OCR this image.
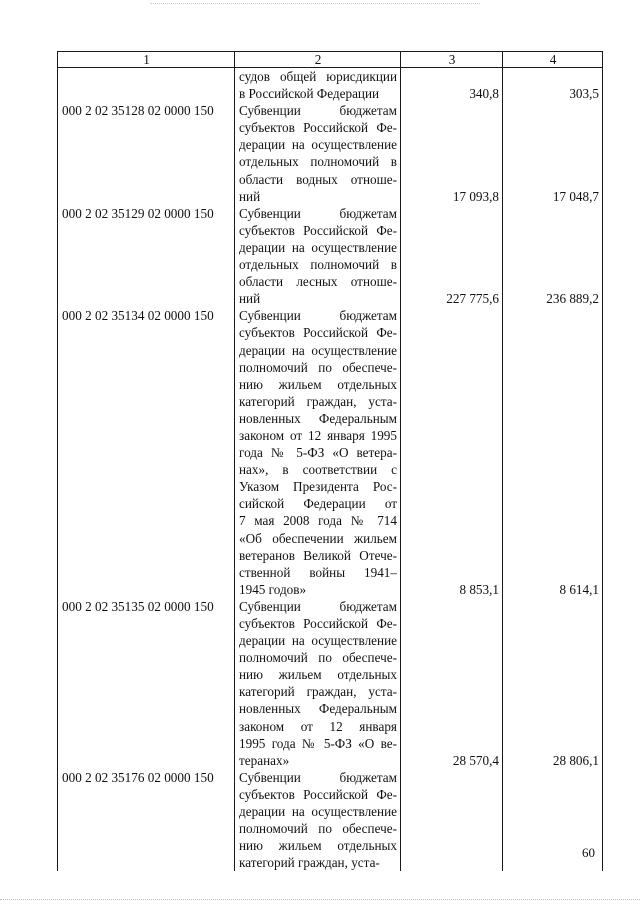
1	2	3	4

	судов общей юрисдикции		

	в Российской Федерации	340,8	303,5
000 2 02 35128 02 0000 150	Субвенции бюджетам		

	субъектов Российской Фе-		

	дерации на осуществление		

	отдельных полномочий в		

	области водных отноше-		

	ний	17 093,8	17 048,7
000 2 02 35129 02 0000 150	Субвенции бюджетам		

	субъектов Российской Фе-		

	дерации на осуществление		

	отдельных полномочий в		

	области лесных отноше-		

	ний	227 775,6	236 889,2
000 2 02 35134 02 0000 150	Субвенции бюджетам		

	субъектов Российской Фе-		

	дерации на осуществление		

	полномочий по обеспече-		

	нию жильем отдельных		

	категорий граждан, уста-		

	новленных Федеральным		

	законом от 12 января 1995		

	года № 5-ФЗ «О ветера-		

	нах», в соответствии с		

	Указом Президента Рос-		

	сийской Федерации от		

	7 мая 2008 года № 714		

	«Об обеспечении жильем		

	ветеранов Великой Отече-		

	ственной войны 1941–		

	1945 годов»	8 853,1	8 614,1
000 2 02 35135 02 0000 150	Субвенции бюджетам		

	субъектов Российской Фе-		

	дерации на осуществление		

	полномочий по обеспече-		

	нию жильем отдельных		

	категорий граждан, уста-		

	новленных Федеральным		

	законом от 12 января		

	1995 года № 5-ФЗ «О ве-		

	теранах»	28 570,4	28 806,1
000 2 02 35176 02 0000 150	Субвенции бюджетам		

	субъектов Российской Фе-		

	дерации на осуществление		

	полномочий по обеспече-		

	нию жильем отдельных		

	категорий граждан, уста-		

60
